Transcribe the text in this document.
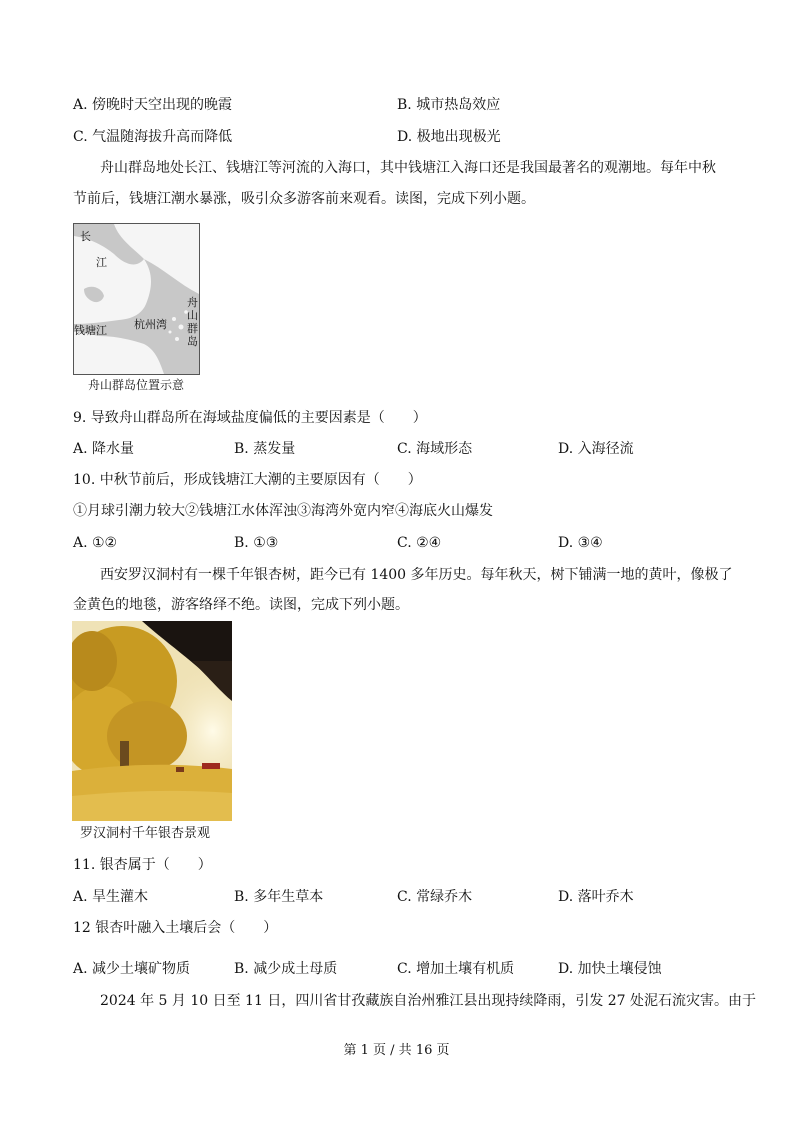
A. 傍晚时天空出现的晚霞	B. 城市热岛效应
C. 气温随海拔升高而降低	D. 极地出现极光
舟山群岛地处长江、钱塘江等河流的入海口，其中钱塘江入海口还是我国最著名的观潮地。每年中秋
节前后，钱塘江潮水暴涨，吸引众多游客前来观看。读图，完成下列小题。
长
江
钱塘江 杭州湾
舟
山
群
岛
舟山群岛位置示意
9. 导致舟山群岛所在海域盐度偏低的主要因素是（　　）
A. 降水量	B. 蒸发量	C. 海域形态	D. 入海径流
10. 中秋节前后，形成钱塘江大潮的主要原因有（　　）
①月球引潮力较大②钱塘江水体浑浊③海湾外宽内窄④海底火山爆发
A. ①②	B. ①③	C. ②④	D. ③④
西安罗汉洞村有一棵千年银杏树，距今已有 1400 多年历史。每年秋天，树下铺满一地的黄叶，像极了
金黄色的地毯，游客络绎不绝。读图，完成下列小题。
罗汉洞村千年银杏景观
11. 银杏属于（　　）
A. 旱生灌木	B. 多年生草本	C. 常绿乔木	D. 落叶乔木
12 银杏叶融入土壤后会（　　）
A. 减少土壤矿物质	B. 减少成土母质	C. 增加土壤有机质	D. 加快土壤侵蚀
2024 年 5 月 10 日至 11 日，四川省甘孜藏族自治州雅江县出现持续降雨，引发 27 处泥石流灾害。由于
第 1 页 / 共 16 页
